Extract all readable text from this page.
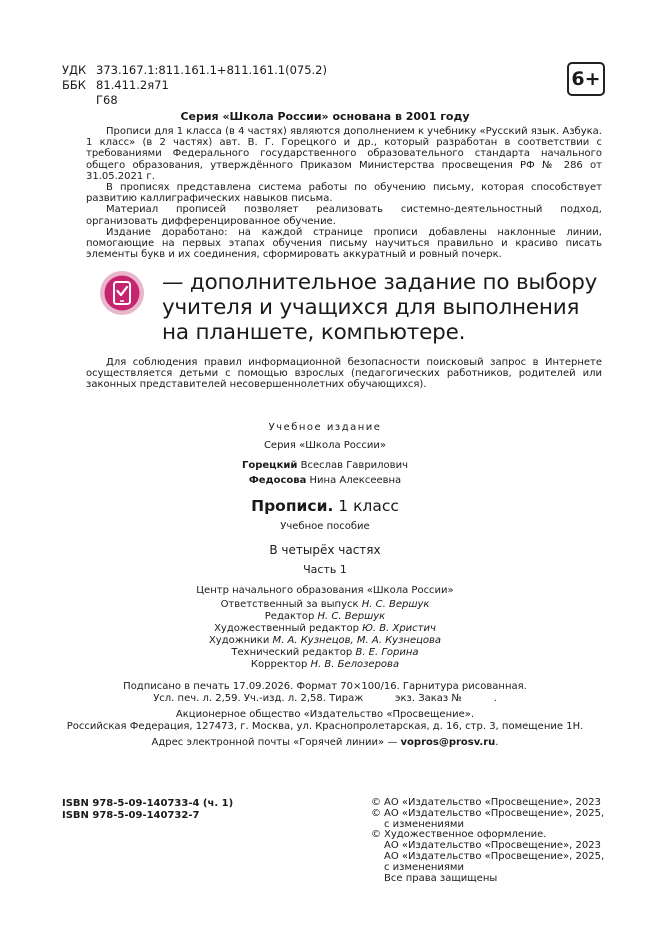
УДК 373.167.1:811.161.1+811.161.1(075.2)
ББК 81.411.2я71
Г68
6+
Серия «Школа России» основана в 2001 году

Прописи для 1 класса (в 4 частях) являются дополнением к учебнику «Русский язык. Азбука. 1 класс» (в 2 частях) авт. В. Г. Горецкого и др., который разработан в соответствии с требованиями Федерального государственного образовательного стандарта начального общего образования, утверждённого Приказом Министерства просвещения РФ № 286 от 31.05.2021 г.

В прописях представлена система работы по обучению письму, которая способствует развитию каллиграфических навыков письма.

Материал прописей позволяет реализовать системно-деятельностный подход, организовать дифференцированное обучение.

Издание доработано: на каждой странице прописи добавлены наклонные линии, помогающие на первых этапах обучения письму научиться правильно и красиво писать элементы букв и их соединения, сформировать аккуратный и ровный почерк.

— дополнительное задание по выбору учителя и учащихся для выполнения на планшете, компьютере.

Для соблюдения правил информационной безопасности поисковый запрос в Интернете осуществляется детьми с помощью взрослых (педагогических работников, родителей или законных представителей несовершеннолетних обучающихся).

Учебное издание
Серия «Школа России»
Горецкий Всеслав Гаврилович
Федосова Нина Алексеевна
Прописи. 1 класс
Учебное пособие
В четырёх частях
Часть 1
Центр начального образования «Школа России»
Ответственный за выпуск Н. С. Вершук
Редактор Н. С. Вершук
Художественный редактор Ю. В. Христич
Художники М. А. Кузнецов, М. А. Кузнецова
Технический редактор В. Е. Горина
Корректор Н. В. Белозерова
Подписано в печать 17.09.2026. Формат 70×100/16. Гарнитура рисованная.
Усл. печ. л. 2,59. Уч.-изд. л. 2,58. Тираж          экз. Заказ №          .
Акционерное общество «Издательство «Просвещение».
Российская Федерация, 127473, г. Москва, ул. Краснопролетарская, д. 16, стр. 3, помещение 1Н.
Адрес электронной почты «Горячей линии» — vopros@prosv.ru.
ISBN 978-5-09-140733-4 (ч. 1)
ISBN 978-5-09-140732-7
© АО «Издательство «Просвещение», 2023
© АО «Издательство «Просвещение», 2025,
с изменениями
© Художественное оформление.
АО «Издательство «Просвещение», 2023
АО «Издательство «Просвещение», 2025,
с изменениями
Все права защищены
